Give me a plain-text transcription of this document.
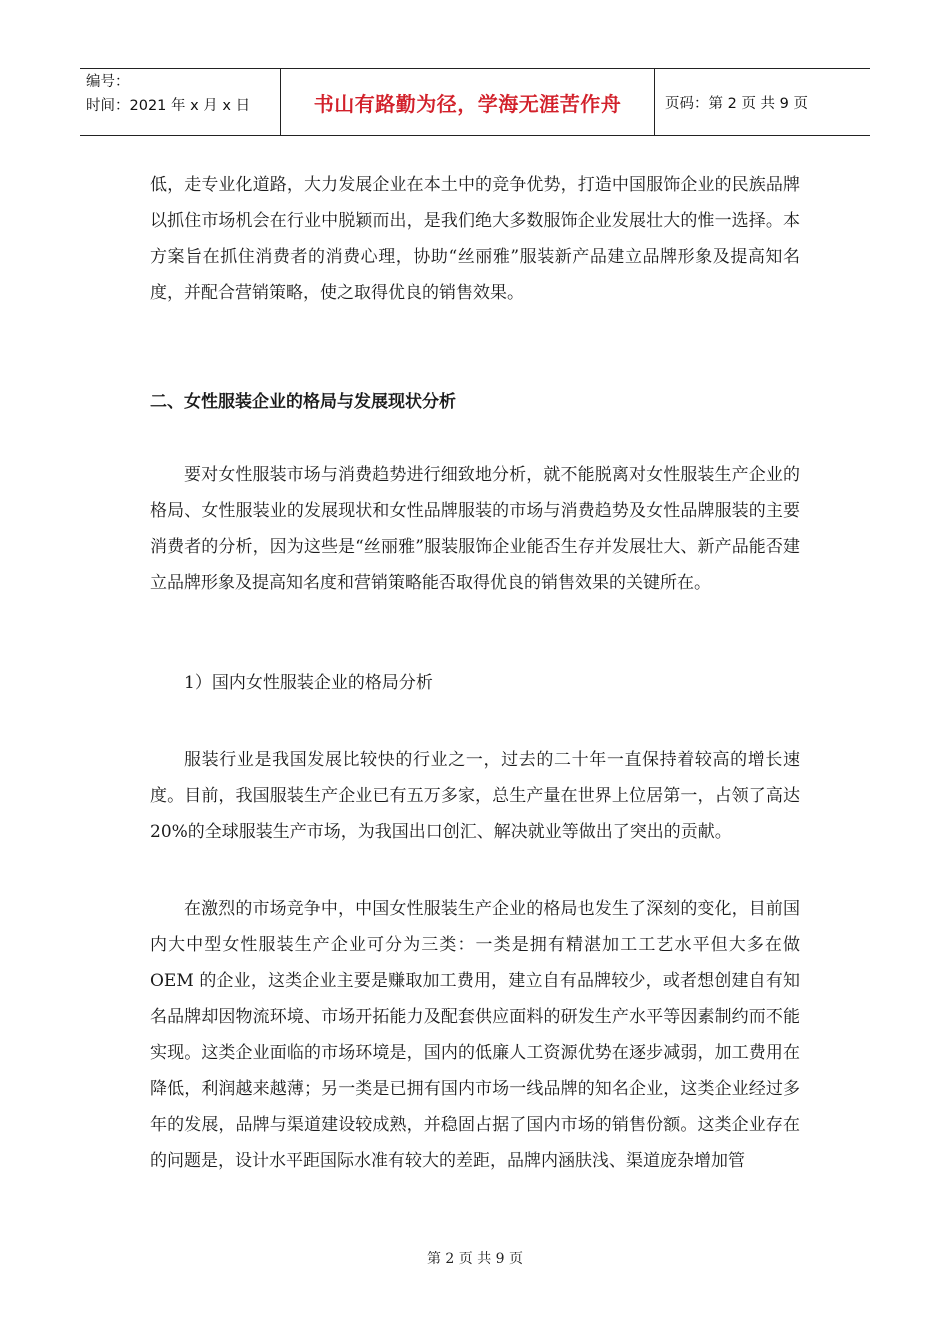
编号：
时间：2021 年 x 月 x 日	书山有路勤为径，学海无涯苦作舟	页码：第 2 页 共 9 页

低，走专业化道路，大力发展企业在本土中的竞争优势，打造中国服饰企业的民族品牌以抓住市场机会在行业中脱颖而出，是我们绝大多数服饰企业发展壮大的惟一选择。本方案旨在抓住消费者的消费心理，协助“丝丽雅”服装新产品建立品牌形象及提高知名度，并配合营销策略，使之取得优良的销售效果。

二、女性服装企业的格局与发展现状分析

要对女性服装市场与消费趋势进行细致地分析，就不能脱离对女性服装生产企业的格局、女性服装业的发展现状和女性品牌服装的市场与消费趋势及女性品牌服装的主要消费者的分析，因为这些是“丝丽雅”服装服饰企业能否生存并发展壮大、新产品能否建立品牌形象及提高知名度和营销策略能否取得优良的销售效果的关键所在。

1）国内女性服装企业的格局分析

服装行业是我国发展比较快的行业之一，过去的二十年一直保持着较高的增长速度。目前，我国服装生产企业已有五万多家，总生产量在世界上位居第一，占领了高达 20%的全球服装生产市场，为我国出口创汇、解决就业等做出了突出的贡献。

在激烈的市场竞争中，中国女性服装生产企业的格局也发生了深刻的变化，目前国内大中型女性服装生产企业可分为三类：一类是拥有精湛加工工艺水平但大多在做 OEM 的企业，这类企业主要是赚取加工费用，建立自有品牌较少，或者想创建自有知名品牌却因物流环境、市场开拓能力及配套供应面料的研发生产水平等因素制约而不能实现。这类企业面临的市场环境是，国内的低廉人工资源优势在逐步减弱，加工费用在降低，利润越来越薄；另一类是已拥有国内市场一线品牌的知名企业，这类企业经过多年的发展，品牌与渠道建设较成熟，并稳固占据了国内市场的销售份额。这类企业存在的问题是，设计水平距国际水准有较大的差距，品牌内涵肤浅、渠道庞杂增加管

第 2 页 共 9 页
